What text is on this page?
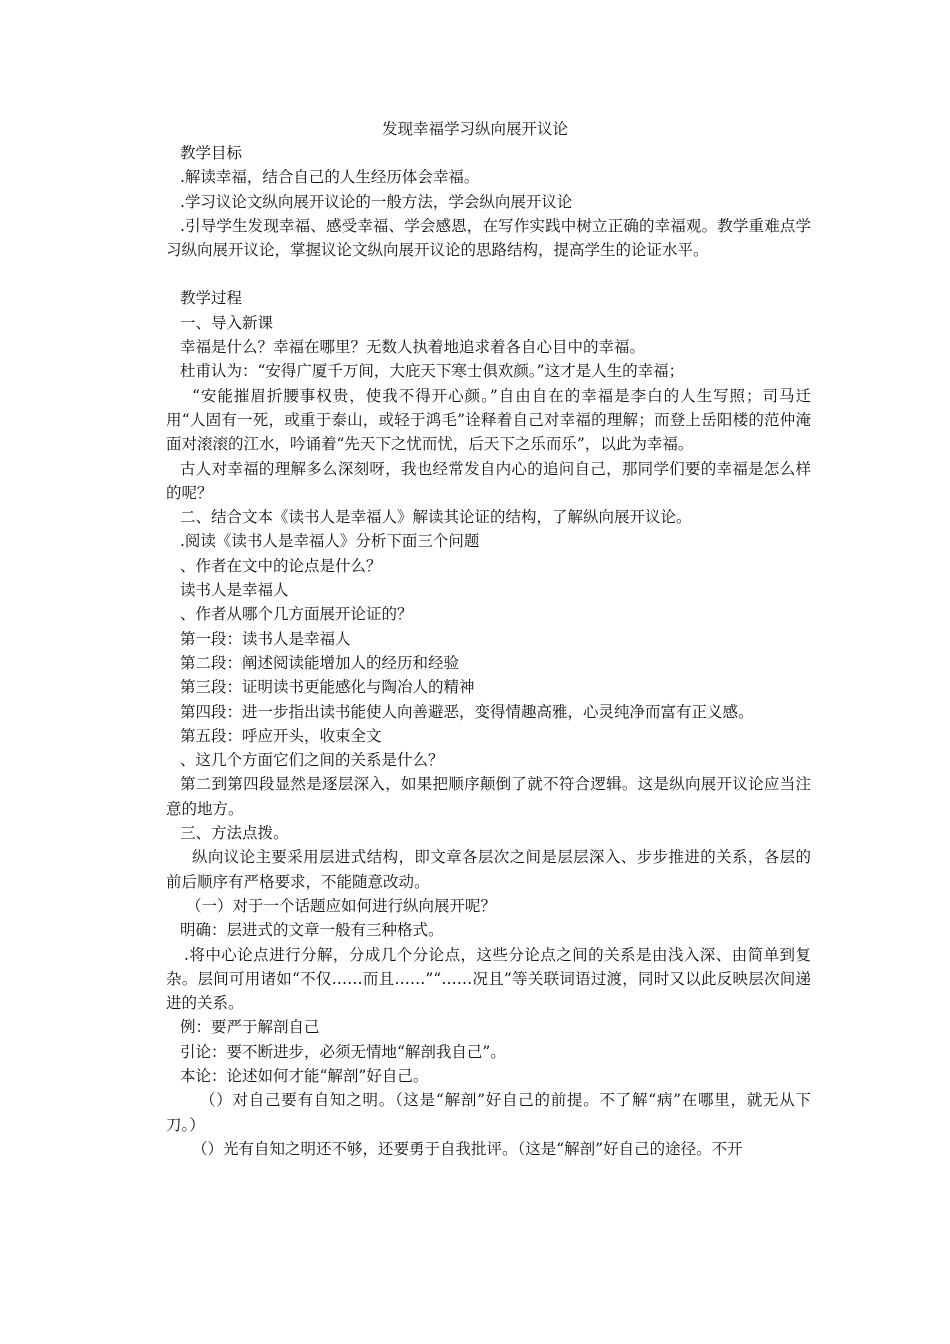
发现幸福学习纵向展开议论

教学目标

.解读幸福，结合自己的人生经历体会幸福。

.学习议论文纵向展开议论的一般方法，学会纵向展开议论

.引导学生发现幸福、感受幸福、学会感恩，在写作实践中树立正确的幸福观。教学重难点学习纵向展开议论，掌握议论文纵向展开议论的思路结构，提高学生的论证水平。

教学过程

一、导入新课

幸福是什么？幸福在哪里？无数人执着地追求着各自心目中的幸福。

杜甫认为：“安得广厦千万间，大庇天下寒士俱欢颜。”这才是人生的幸福；

“安能摧眉折腰事权贵，使我不得开心颜。”自由自在的幸福是李白的人生写照；司马迁用“人固有一死，或重于泰山，或轻于鸿毛”诠释着自己对幸福的理解；而登上岳阳楼的范仲淹面对滚滚的江水，吟诵着“先天下之忧而忧，后天下之乐而乐”，以此为幸福。

古人对幸福的理解多么深刻呀，我也经常发自内心的追问自己，那同学们要的幸福是怎么样的呢？

二、结合文本《读书人是幸福人》解读其论证的结构，了解纵向展开议论。

.阅读《读书人是幸福人》分析下面三个问题

、作者在文中的论点是什么？

读书人是幸福人

、作者从哪个几方面展开论证的？

第一段：读书人是幸福人

第二段：阐述阅读能增加人的经历和经验

第三段：证明读书更能感化与陶冶人的精神

第四段：进一步指出读书能使人向善避恶，变得情趣高雅，心灵纯净而富有正义感。

第五段：呼应开头，收束全文

、这几个方面它们之间的关系是什么？

第二到第四段显然是逐层深入，如果把顺序颠倒了就不符合逻辑。这是纵向展开议论应当注意的地方。

三、方法点拨。

纵向议论主要采用层进式结构，即文章各层次之间是层层深入、步步推进的关系，各层的前后顺序有严格要求，不能随意改动。

（一）对于一个话题应如何进行纵向展开呢？

明确：层进式的文章一般有三种格式。

.将中心论点进行分解，分成几个分论点，这些分论点之间的关系是由浅入深、由简单到复杂。层间可用诸如“不仅……而且……”“……况且”等关联词语过渡，同时又以此反映层次间递进的关系。

例：要严于解剖自己

引论：要不断进步，必须无情地“解剖我自己”。

本论：论述如何才能“解剖”好自己。

（）对自己要有自知之明。（这是“解剖”好自己的前提。不了解“病”在哪里，就无从下刀。）

（）光有自知之明还不够，还要勇于自我批评。（这是“解剖”好自己的途径。不开
